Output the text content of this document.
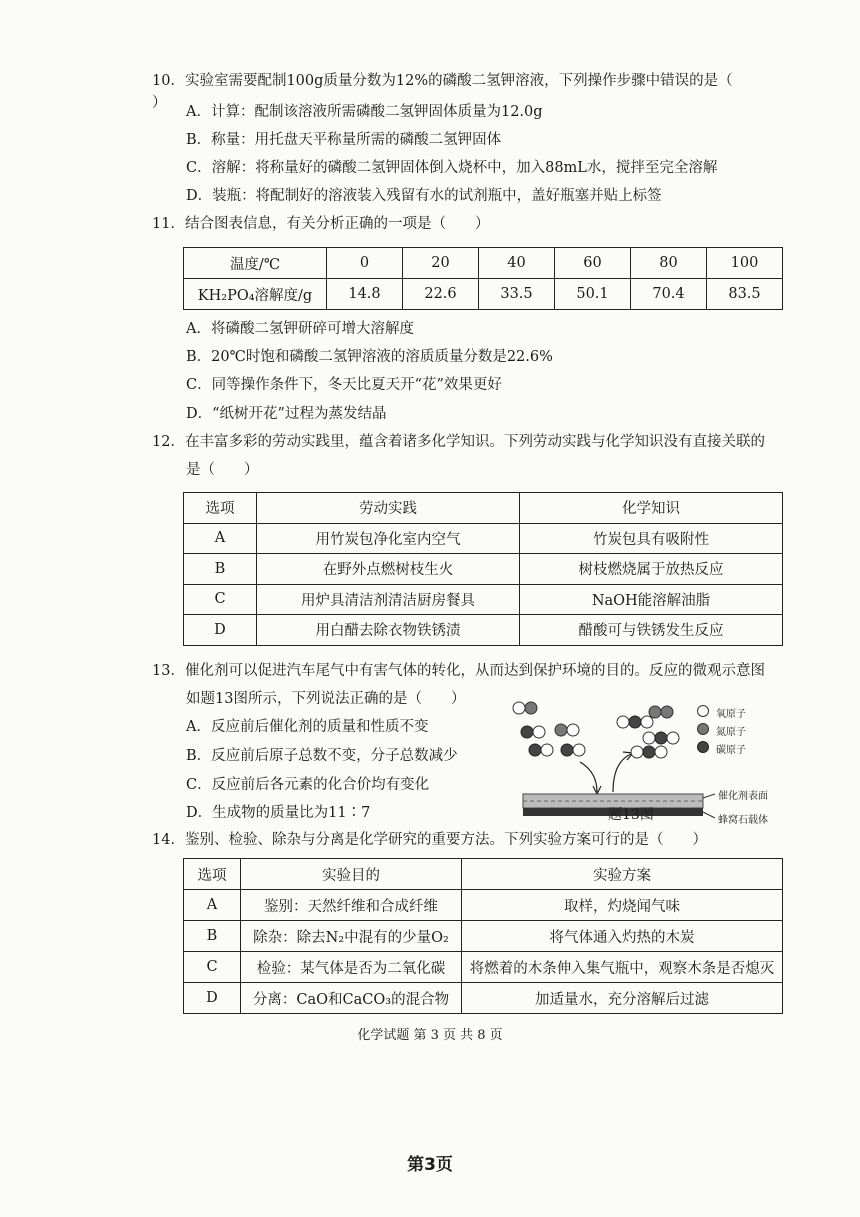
10．实验室需要配制100g质量分数为12%的磷酸二氢钾溶液，下列操作步骤中错误的是（）
A．计算：配制该溶液所需磷酸二氢钾固体质量为12.0g
B．称量：用托盘天平称量所需的磷酸二氢钾固体
C．溶解：将称量好的磷酸二氢钾固体倒入烧杯中，加入88mL水，搅拌至完全溶解
D．装瓶：将配制好的溶液装入残留有水的试剂瓶中，盖好瓶塞并贴上标签
11．结合图表信息，有关分析正确的一项是（　　）
温度/℃	0	20	40	60	80	100
KH₂PO₄溶解度/g	14.8	22.6	33.5	50.1	70.4	83.5
A．将磷酸二氢钾研碎可增大溶解度
B．20℃时饱和磷酸二氢钾溶液的溶质质量分数是22.6%
C．同等操作条件下，冬天比夏天开“花”效果更好
D．“纸树开花”过程为蒸发结晶
12．在丰富多彩的劳动实践里，蕴含着诸多化学知识。下列劳动实践与化学知识没有直接关联的
是（　　）
选项	劳动实践	化学知识
A	用竹炭包净化室内空气	竹炭包具有吸附性
B	在野外点燃树枝生火	树枝燃烧属于放热反应
C	用炉具清洁剂清洁厨房餐具	NaOH能溶解油脂
D	用白醋去除衣物铁锈渍	醋酸可与铁锈发生反应
13．催化剂可以促进汽车尾气中有害气体的转化，从而达到保护环境的目的。反应的微观示意图
如题13图所示，下列说法正确的是（　　）
A．反应前后催化剂的质量和性质不变
B．反应前后原子总数不变，分子总数减少
C．反应前后各元素的化合价均有变化
D．生成物的质量比为11∶7
氧原子
氮原子
碳原子
催化剂表面
蜂窝石载体
题13图
14．鉴别、检验、除杂与分离是化学研究的重要方法。下列实验方案可行的是（　　）
选项	实验目的	实验方案
A	鉴别：天然纤维和合成纤维	取样，灼烧闻气味
B	除杂：除去N₂中混有的少量O₂	将气体通入灼热的木炭
C	检验：某气体是否为二氧化碳	将燃着的木条伸入集气瓶中，观察木条是否熄灭
D	分离：CaO和CaCO₃的混合物	加适量水，充分溶解后过滤
化学试题 第 3 页 共 8 页
第3页
